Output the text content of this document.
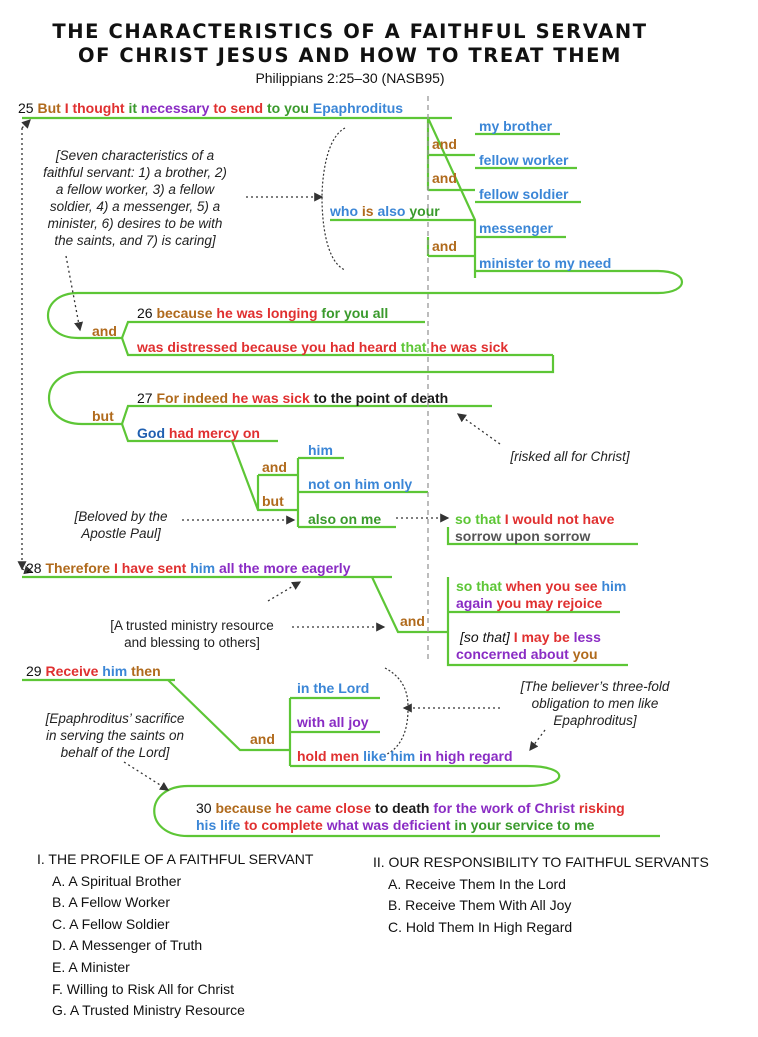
THE CHARACTERISTICS OF A FAITHFUL SERVANT
OF CHRIST JESUS AND HOW TO TREAT THEM
Philippians 2:25–30 (NASB95)
25 But I thought it necessary to send to you Epaphroditus
and
and
and
my brother
fellow worker
fellow soldier
messenger
minister to my need
who is also your
[Seven characteristics of a
faithful servant: 1) a brother, 2)
a fellow worker, 3) a fellow
soldier, 4) a messenger, 5) a
minister, 6) desires to be with
the saints, and 7) is caring]
and
26 because he was longing for you all
was distressed because you had heard that he was sick
but
27 For indeed he was sick to the point of death
God had mercy on
and
but
him
not on him only
also on me	so that I would not have
sorrow upon sorrow
[risked all for Christ]
[Beloved by the
Apostle Paul]
28 Therefore I have sent him all the more eagerly
and
so that when you see him
again you may rejoice
[so that] I may be less
concerned about you
[A trusted ministry resource
and blessing to others]
29 Receive him then
and
in the Lord
with all joy
hold men like him in high regard
[The believer’s three-fold
obligation to men like
Epaphroditus]
[Epaphroditus’ sacrifice
in serving the saints on
behalf of the Lord]
30 because he came close to death for the work of Christ risking
his life to complete what was deficient in your service to me
I. THE PROFILE OF A FAITHFUL SERVANT
A. A Spiritual Brother
B. A Fellow Worker
C. A Fellow Soldier
D. A Messenger of Truth
E. A Minister
F. Willing to Risk All for Christ
G. A Trusted Ministry Resource
II. OUR RESPONSIBILITY TO FAITHFUL SERVANTS
A. Receive Them In the Lord
B. Receive Them With All Joy
C. Hold Them In High Regard
